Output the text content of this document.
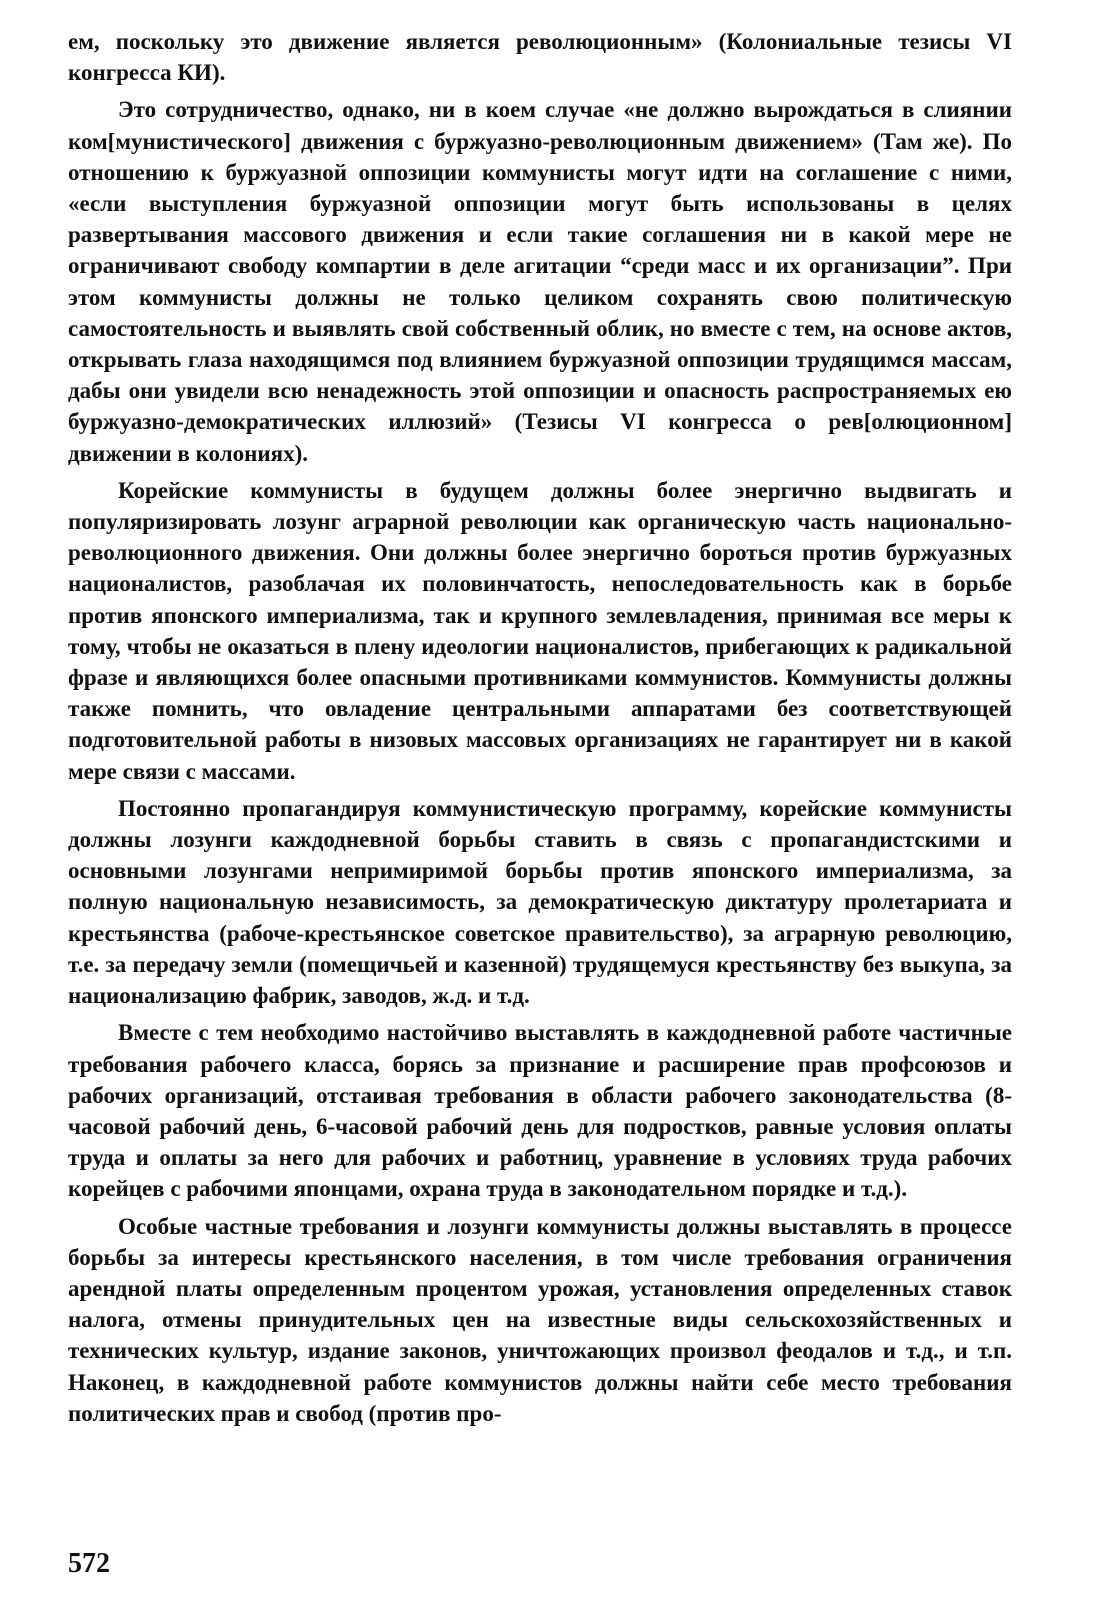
ем, поскольку это движение является революционным» (Колониальные тезисы VI конгресса КИ).

Это сотрудничество, однако, ни в коем случае «не должно вырождаться в слиянии ком[мунистического] движения с буржуазно-революционным движением» (Там же). По отношению к буржуазной оппозиции коммунисты могут идти на соглашение с ними, «если выступления буржуазной оппозиции могут быть использованы в целях развертывания массового движения и если такие соглашения ни в какой мере не ограничивают свободу компартии в деле агитации “среди масс и их организации”. При этом коммунисты должны не только целиком сохранять свою политическую самостоятельность и выявлять свой собственный облик, но вместе с тем, на основе актов, открывать глаза находящимся под влиянием буржуазной оппозиции трудящимся массам, дабы они увидели всю ненадежность этой оппозиции и опасность распространяемых ею буржуазно-демократических иллюзий» (Тезисы VI конгресса о рев[олюционном] движении в колониях).

Корейские коммунисты в будущем должны более энергично выдвигать и популяризировать лозунг аграрной революции как органическую часть национально-революционного движения. Они должны более энергично бороться против буржуазных националистов, разоблачая их половинчатость, непоследовательность как в борьбе против японского империализма, так и крупного землевладения, принимая все меры к тому, чтобы не оказаться в плену идеологии националистов, прибегающих к радикальной фразе и являющихся более опасными противниками коммунистов. Коммунисты должны также помнить, что овладение центральными аппаратами без соответствующей подготовительной работы в низовых массовых организациях не гарантирует ни в какой мере связи с массами.

Постоянно пропагандируя коммунистическую программу, корейские коммунисты должны лозунги каждодневной борьбы ставить в связь с пропагандистскими и основными лозунгами непримиримой борьбы против японского империализма, за полную национальную независимость, за демократическую диктатуру пролетариата и крестьянства (рабоче-крестьянское советское правительство), за аграрную революцию, т.е. за передачу земли (помещичьей и казенной) трудящемуся крестьянству без выкупа, за национализацию фабрик, заводов, ж.д. и т.д.

Вместе с тем необходимо настойчиво выставлять в каждодневной работе частичные требования рабочего класса, борясь за признание и расширение прав профсоюзов и рабочих организаций, отстаивая требования в области рабочего законодательства (8-часовой рабочий день, 6-часовой рабочий день для подростков, равные условия оплаты труда и оплаты за него для рабочих и работниц, уравнение в условиях труда рабочих корейцев с рабочими японцами, охрана труда в законодательном порядке и т.д.).

Особые частные требования и лозунги коммунисты должны выставлять в процессе борьбы за интересы крестьянского населения, в том числе требования ограничения арендной платы определенным процентом урожая, установления определенных ставок налога, отмены принудительных цен на известные виды сельскохозяйственных и технических культур, издание законов, уничтожающих произвол феодалов и т.д., и т.п. Наконец, в каждодневной работе коммунистов должны найти себе место требования политических прав и свобод (против про-

572
